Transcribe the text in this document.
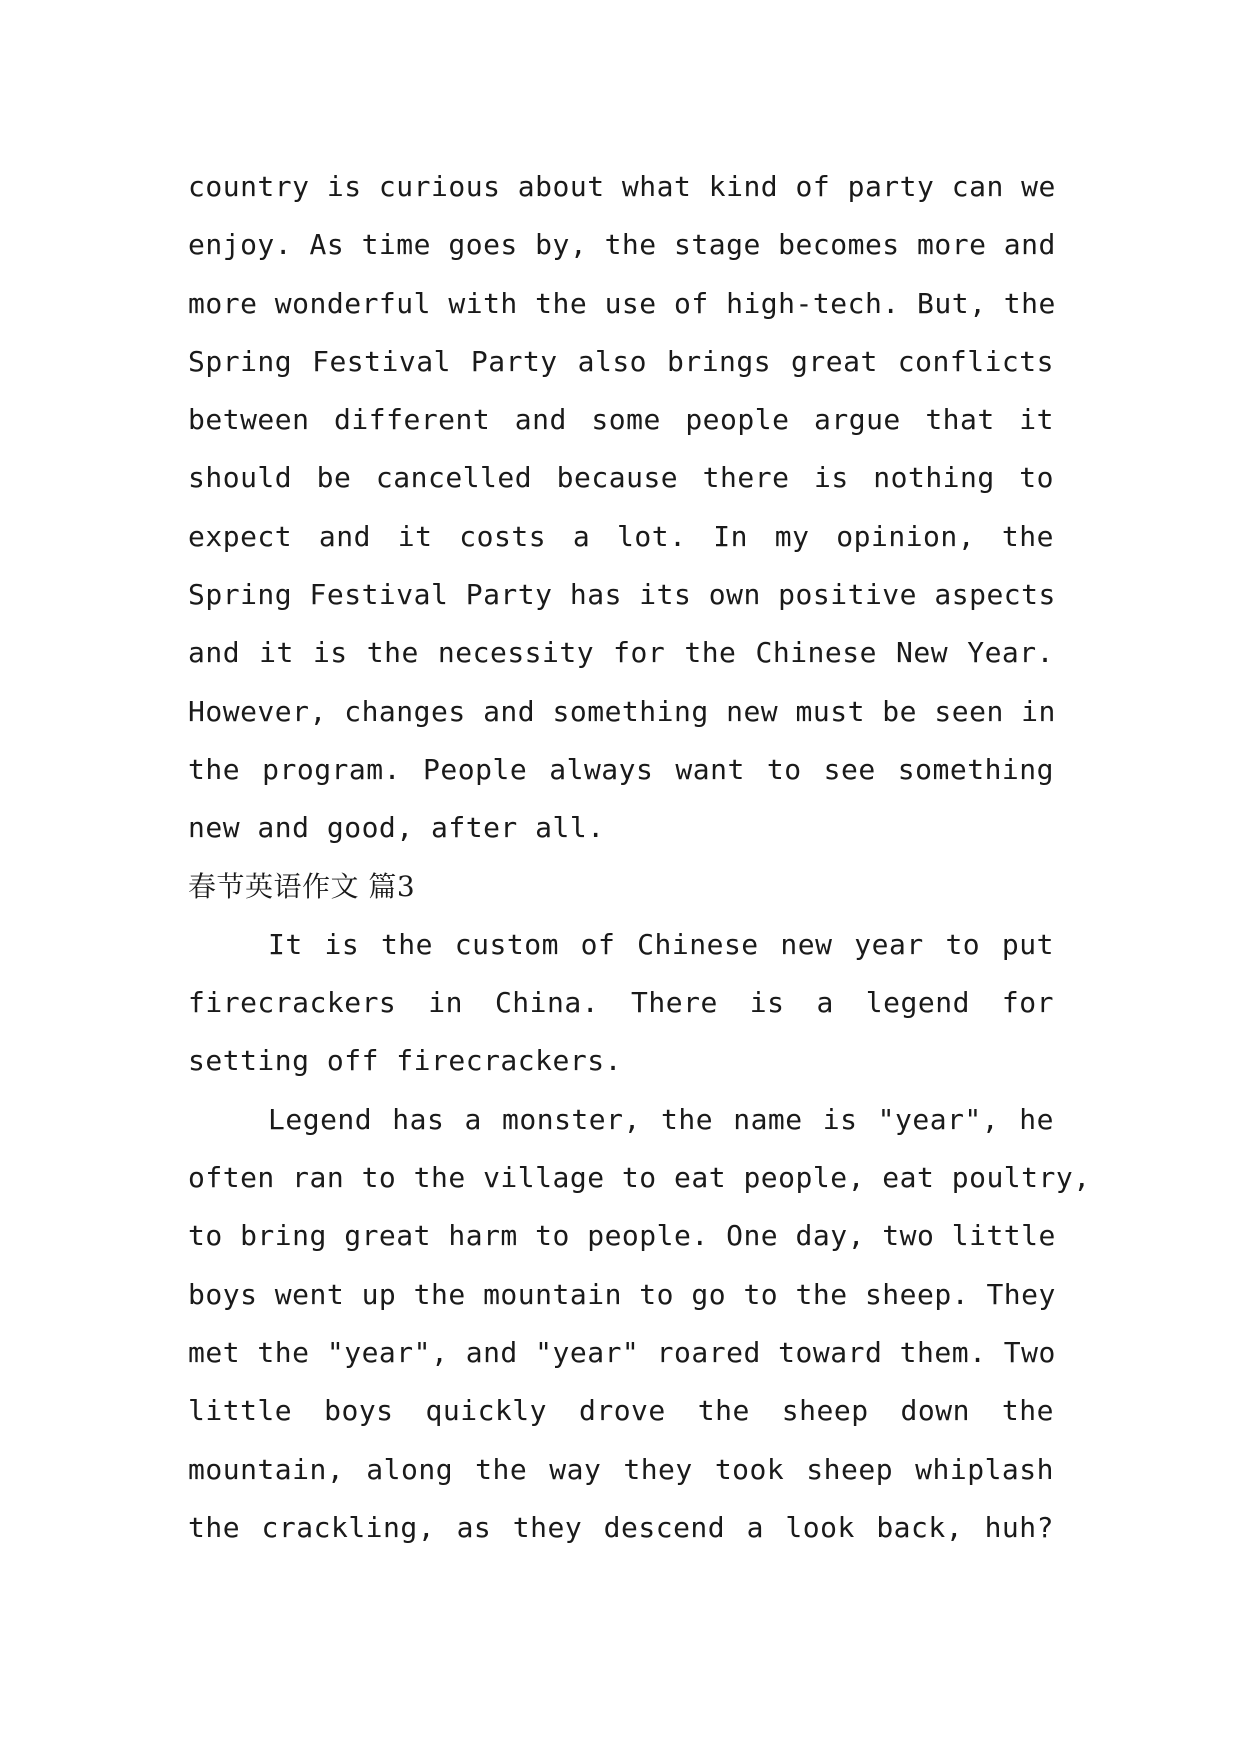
country is curious about what kind of party can we
enjoy. As time goes by, the stage becomes more and
more wonderful with the use of high-tech. But, the
Spring Festival Party also brings great conflicts
between different and some people argue that it
should be cancelled because there is nothing to
expect and it costs a lot. In my opinion, the
Spring Festival Party has its own positive aspects
and it is the necessity for the Chinese New Year.
However, changes and something new must be seen in
the program. People always want to see something
new and good, after all.
春节英语作文 篇3
It is the custom of Chinese new year to put
firecrackers in China. There is a legend for
setting off firecrackers.
Legend has a monster, the name is "year", he
often ran to the village to eat people, eat poultry,
to bring great harm to people. One day, two little
boys went up the mountain to go to the sheep. They
met the "year", and "year" roared toward them. Two
little boys quickly drove the sheep down the
mountain, along the way they took sheep whiplash
the crackling, as they descend a look back, huh?
